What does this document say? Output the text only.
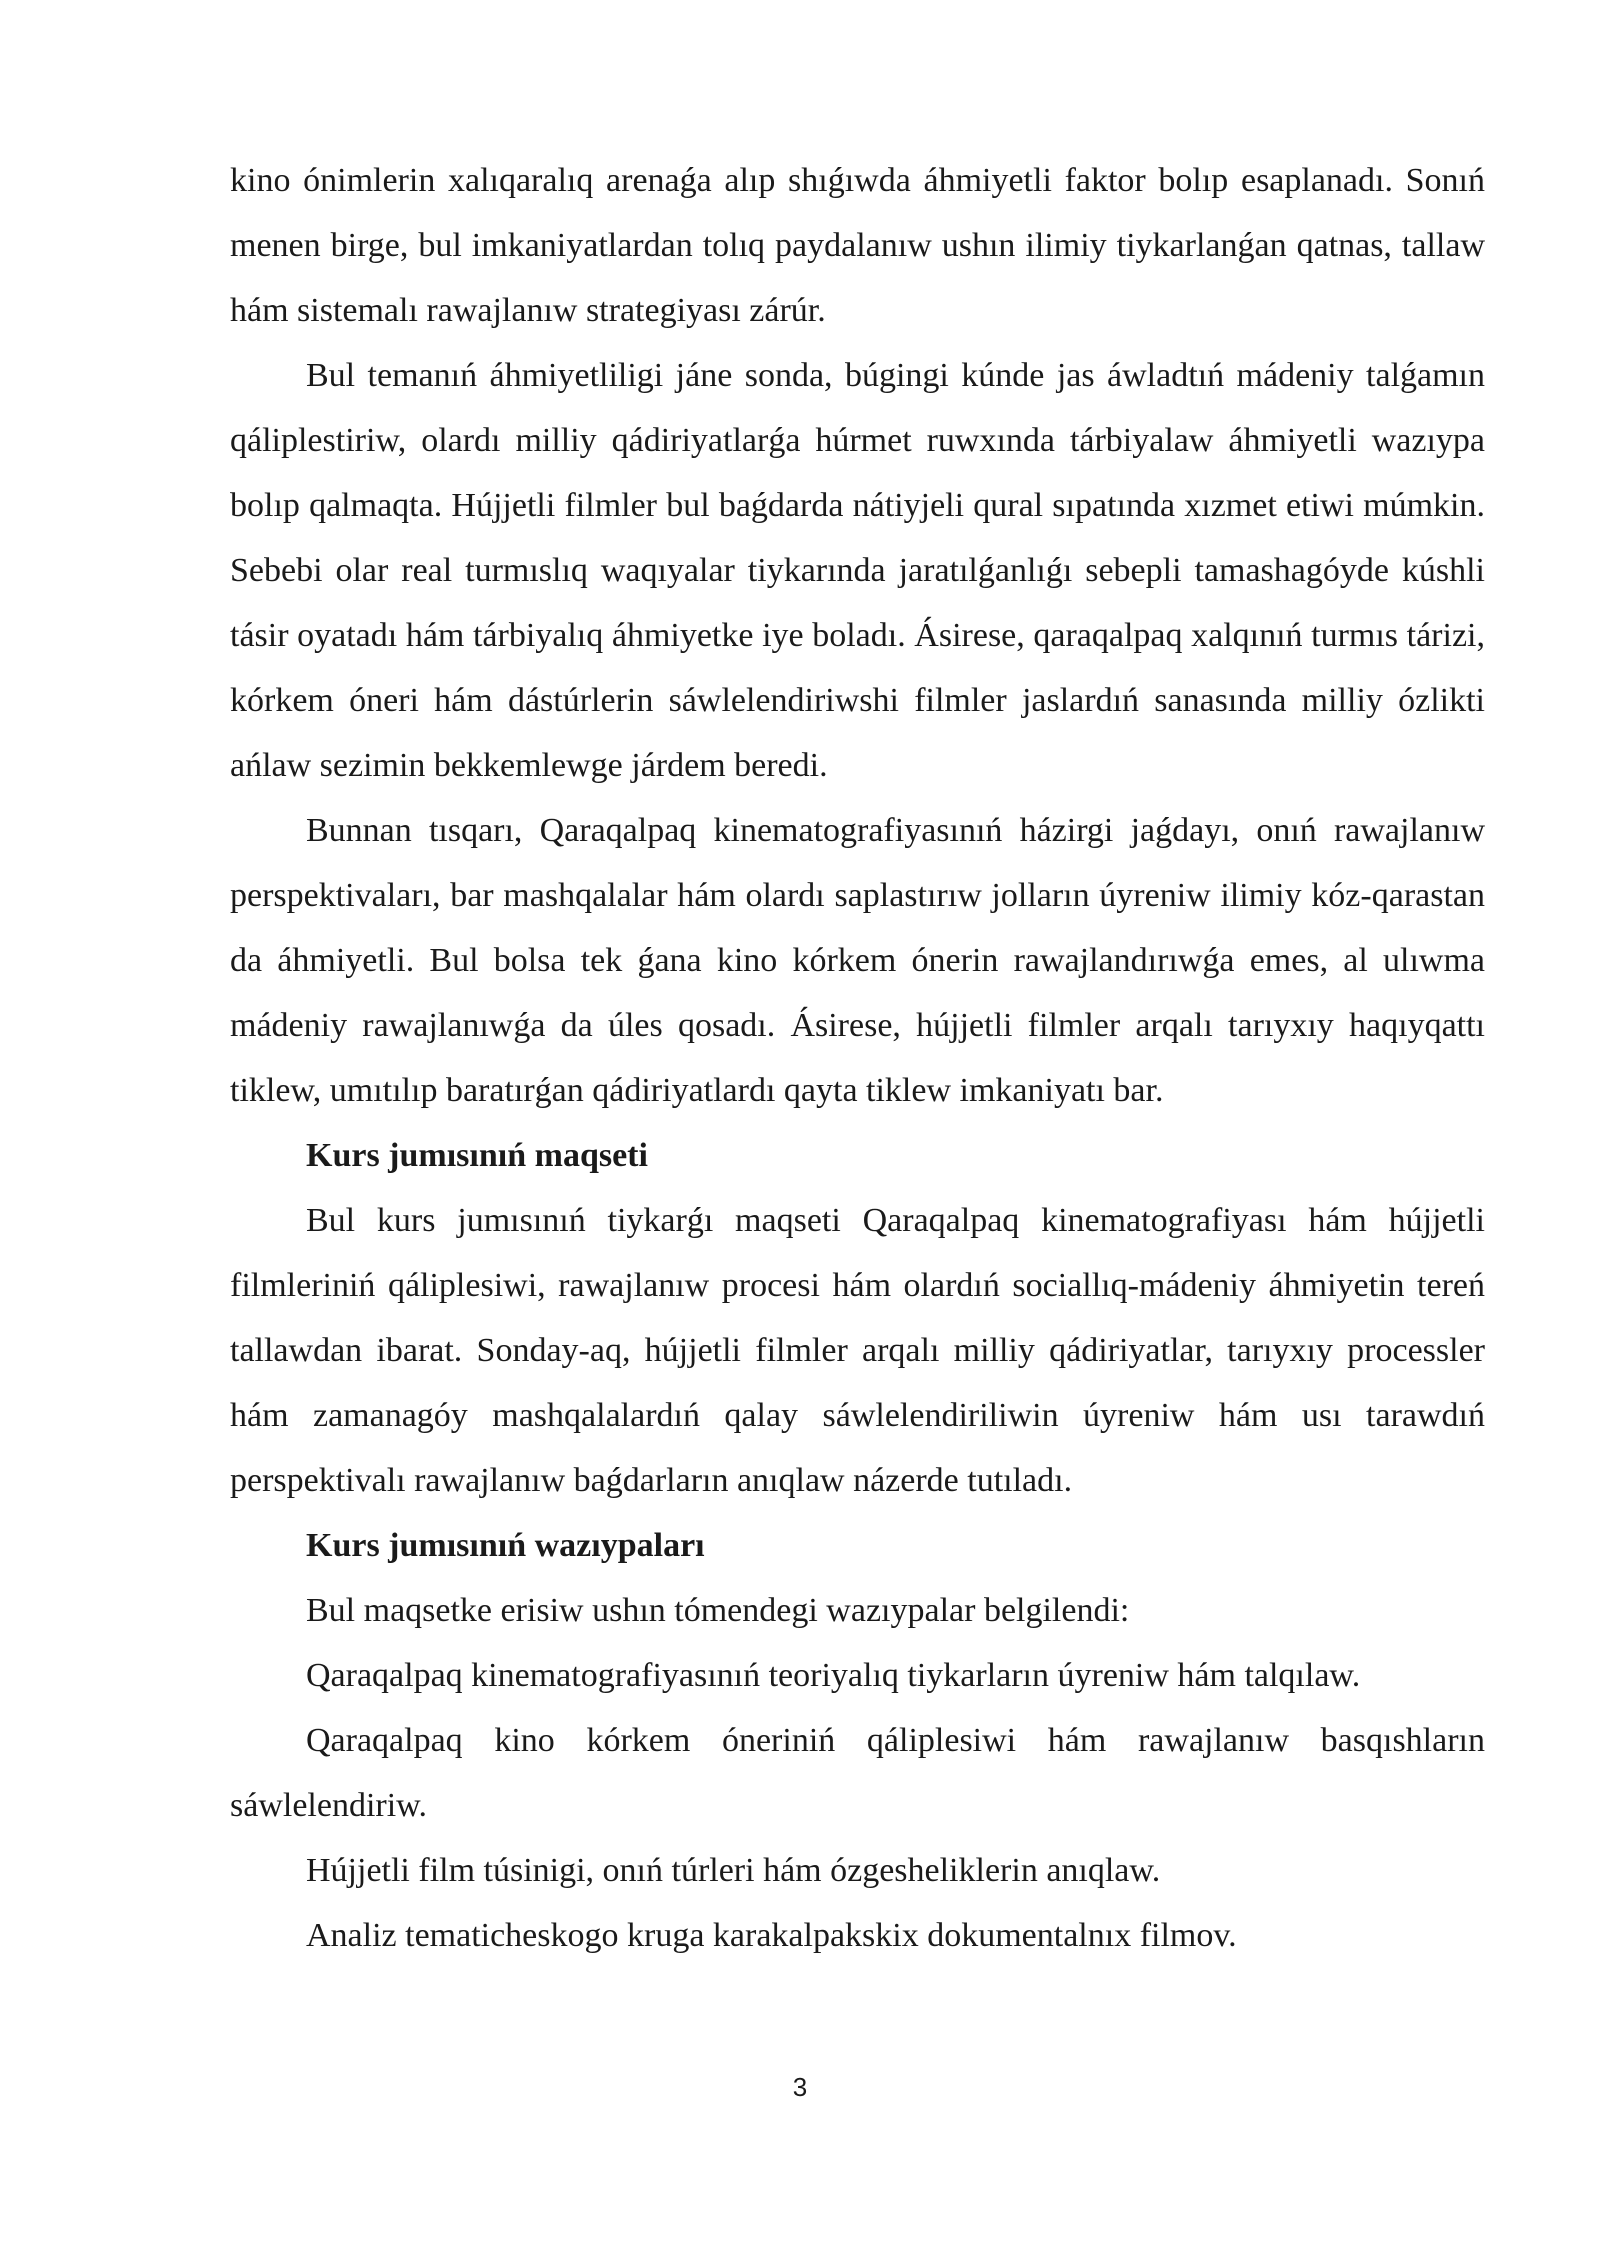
kino ónimlerin xalıqaralıq arenaǵa alıp shıǵıwda áhmiyetli faktor bolıp esaplanadı. Sonıń menen birge, bul imkaniyatlardan tolıq paydalanıw ushın ilimiy tiykarlanǵan qatnas, tallaw hám sistemalı rawajlanıw strategiyası zárúr.

Bul temanıń áhmiyetliligi jáne sonda, búgingi kúnde jas áwladtıń mádeniy talǵamın qáliplestiriw, olardı milliy qádiriyatlarǵa húrmet ruwxında tárbiyalaw áhmiyetli wazıypa bolıp qalmaqta. Hújjetli filmler bul baǵdarda nátiyjeli qural sıpatında xızmet etiwi múmkin. Sebebi olar real turmıslıq waqıyalar tiykarında jaratılǵanlıǵı sebepli tamashagóyde kúshli tásir oyatadı hám tárbiyalıq áhmiyetke iye boladı. Ásirese, qaraqalpaq xalqınıń turmıs tárizi, kórkem óneri hám dástúrlerin sáwlelendiriwshi filmler jaslardıń sanasında milliy ózlikti ańlaw sezimin bekkemlewge járdem beredi.

Bunnan tısqarı, Qaraqalpaq kinematografiyasınıń házirgi jaǵdayı, onıń rawajlanıw perspektivaları, bar mashqalalar hám olardı saplastırıw jolların úyreniw ilimiy kóz-qarastan da áhmiyetli. Bul bolsa tek ǵana kino kórkem ónerin rawajlandırıwǵa emes, al ulıwma mádeniy rawajlanıwǵa da úles qosadı. Ásirese, hújjetli filmler arqalı tarıyxıy haqıyqattı tiklew, umıtılıp baratırǵan qádiriyatlardı qayta tiklew imkaniyatı bar.

Kurs jumısınıń maqseti

Bul kurs jumısınıń tiykarǵı maqseti Qaraqalpaq kinematografiyası hám hújjetli filmleriniń qáliplesiwi, rawajlanıw procesi hám olardıń sociallıq-mádeniy áhmiyetin tereń tallawdan ibarat. Sonday-aq, hújjetli filmler arqalı milliy qádiriyatlar, tarıyxıy processler hám zamanagóy mashqalalardıń qalay sáwlelendiriliwin úyreniw hám usı tarawdıń perspektivalı rawajlanıw baǵdarların anıqlaw názerde tutıladı.

Kurs jumısınıń wazıypaları

Bul maqsetke erisiw ushın tómendegi wazıypalar belgilendi:

Qaraqalpaq kinematografiyasınıń teoriyalıq tiykarların úyreniw hám talqılaw.

Qaraqalpaq kino kórkem óneriniń qáliplesiwi hám rawajlanıw basqıshların sáwlelendiriw.

Hújjetli film túsinigi, onıń túrleri hám ózgesheliklerin anıqlaw.

Analiz tematicheskogo kruga karakalpakskix dokumentalnıx filmov.

3
